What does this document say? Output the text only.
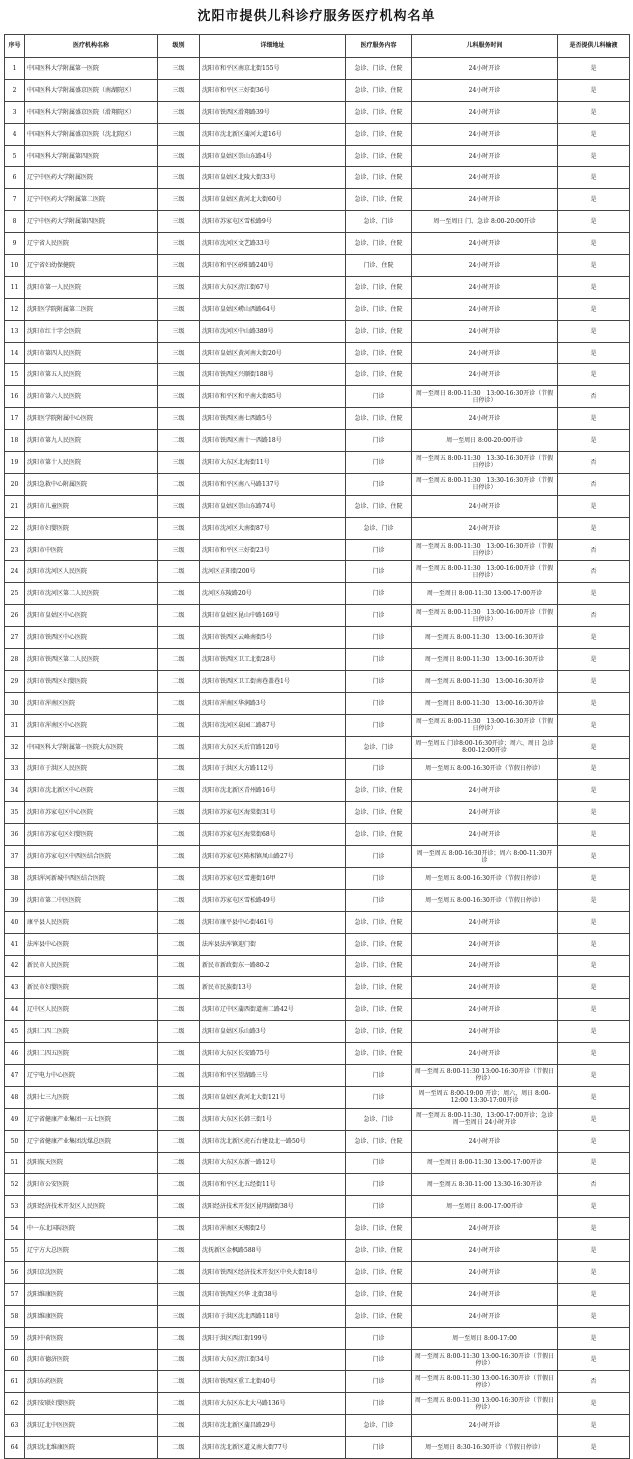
沈阳市提供儿科诊疗服务医疗机构名单
序号	医疗机构名称	级别	详细地址	医疗服务内容	儿科服务时间	是否提供儿科输液
1	中国医科大学附属第一医院	三级	沈阳市和平区南京北街155号	急诊、门诊、住院	24小时开诊	是
2	中国医科大学附属盛京医院（南湖院区）	三级	沈阳市和平区三好街36号	急诊、门诊、住院	24小时开诊	是
3	中国医科大学附属盛京医院（滑翔院区）	三级	沈阳市铁西区滑翔路39号	急诊、门诊、住院	24小时开诊	是
4	中国医科大学附属盛京医院（沈北院区）	三级	沈阳市沈北新区蒲河大道16号	急诊、门诊、住院	24小时开诊	是
5	中国医科大学附属第四医院	三级	沈阳市皇姑区崇山东路4号	急诊、门诊、住院	24小时开诊	是
6	辽宁中医药大学附属医院	三级	沈阳市皇姑区北陵大街33号	急诊、门诊、住院	24小时开诊	是
7	辽宁中医药大学附属第二医院	三级	沈阳市皇姑区黄河北大街60号	急诊、门诊、住院	24小时开诊	是
8	辽宁中医药大学附属第四医院	三级	沈阳市苏家屯区雪松路9号	急诊、门诊	周一至周日 门、急诊 8:00-20:00开诊	是
9	辽宁省人民医院	三级	沈阳市沈河区文艺路33号	急诊、门诊、住院	24小时开诊	是
10	辽宁省妇幼保健院	三级	沈阳市和平区砂阳路240号	门诊、住院	24小时开诊	是
11	沈阳市第一人民医院	三级	沈阳市大东区滂江街67号	急诊、门诊、住院	24小时开诊	是
12	沈阳医学院附属第二医院	三级	沈阳市皇姑区崂山西路64号	急诊、门诊、住院	24小时开诊	是
13	沈阳市红十字会医院	三级	沈阳市沈河区中山路389号	急诊、门诊、住院	24小时开诊	是
14	沈阳市第四人民医院	三级	沈阳市皇姑区黄河南大街20号	急诊、门诊、住院	24小时开诊	是
15	沈阳市第五人民医院	三级	沈阳市铁西区兴顺街188号	急诊、门诊、住院	24小时开诊	是
16	沈阳市第六人民医院	三级	沈阳市和平区和平南大街85号	门诊	周一至周日 8:00-11:30　13:00-16:30开诊（节假日停诊）	否
17	沈阳医学院附属中心医院	三级	沈阳市铁西区南七西路5号	急诊、门诊、住院	24小时开诊	是
18	沈阳市第九人民医院	二级	沈阳市铁西区南十一西路18号	门诊	周一至周日 8:00-20:00开诊	是
19	沈阳市第十人民医院	三级	沈阳市大东区北海街11号	门诊	周一至周五 8:00-11:30　13:30-16:30开诊（节假日停诊）	否
20	沈阳急救中心附属医院	二级	沈阳市和平区南八马路137号	门诊	周一至周五 8:00-11:30　13:30-16:30开诊（节假日停诊）	否
21	沈阳市儿童医院	三级	沈阳市皇姑区崇山东路74号	急诊、门诊、住院	24小时开诊	是
22	沈阳市妇婴医院	三级	沈阳市沈河区大南街87号	急诊、门诊	24小时开诊	是
23	沈阳市中医院	三级	沈阳市和平区三好街23号	门诊	周一至周五 8:00-11:30　13:00-16:30开诊（节假日停诊）	否
24	沈阳市沈河区人民医院	二级	沈河区正阳街200号	门诊	周一至周五 8:00-11:30　13:00-16:00开诊（节假日停诊）	否
25	沈阳市沈河区第二人民医院	二级	沈河区东陵路20号	门诊	周一至周日 8:00-11:30 13:00-17:00开诊	是
26	沈阳市皇姑区中心医院	二级	沈阳市皇姑区昆山中路169号	门诊	周一至周五 8:00-11:30　13:00-16:00开诊（节假日停诊）	否
27	沈阳市铁西区中心医院	二级	沈阳市铁西区云峰南街5号	门诊	周一至周五 8:00-11:30　13:00-16:30开诊	是
28	沈阳市铁西区第二人民医院	二级	沈阳市铁西区卫工北街28号	门诊	周一至周日 8:00-11:30　13:00-16:30开诊	是
29	沈阳市铁西区妇婴医院	二级	沈阳市铁西区卫工街南巷盖巷1号	门诊	周一至周五 8:00-11:30　13:00-16:30开诊	是
30	沈阳市浑南区医院	二级	沈阳市浑南区华润路3号	门诊	周一至周日 8:00-11:30　13:00-16:30开诊	是
31	沈阳市浑南区中心医院	二级	沈阳市沈河区泉园二路87号	门诊	周一至周五 8:00-11:30　13:00-16:30开诊（节假日停诊）	是
32	中国医科大学附属第一医院大东医院	二级	沈阳市大东区天后宫路120号	急诊、门诊	周一至周五 门诊8:00-16:30开诊；周六、周日 急诊8:00-12:00开诊	是
33	沈阳市于洪区人民医院	二级	沈阳市于洪区大方路112号	门诊	周一至周五 8:00-16:30开诊（节假日停诊）	是
34	沈阳市沈北新区中心医院	三级	沈阳市沈北新区青州路16号	急诊、门诊、住院	24小时开诊	是
35	沈阳市苏家屯区中心医院	三级	沈阳市苏家屯区海棠街31号	急诊、门诊、住院	24小时开诊	是
36	沈阳市苏家屯区妇婴医院	二级	沈阳市苏家屯区海棠街68号	急诊、门诊、住院	24小时开诊	是
37	沈阳市苏家屯区中西医结合医院	二级	沈阳市苏家屯区陈相镇凤山路27号	门诊	周一至周五 8:00-16:30开诊；周六 8:00-11:30开诊	是
38	沈阳浑河新城中西医结合医院	二级	沈阳市苏家屯区雪莲街16甲	门诊	周一至周五 8:00-16:30开诊（节假日停诊）	是
39	沈阳市第二中医医院	二级	沈阳市苏家屯区雪松路49号	门诊	周一至周五 8:00-16:30开诊（节假日停诊）	是
40	康平县人民医院	二级	沈阳市康平县中心街461号	急诊、门诊、住院	24小时开诊	是
41	法库县中心医院	二级	法库县法库镇迎门街	急诊、门诊、住院	24小时开诊	是
42	新民市人民医院	二级	新民市新政街东一路80-2	急诊、门诊、住院	24小时开诊	是
43	新民市妇婴医院	二级	新民市民族街13号	急诊、门诊、住院	24小时开诊	是
44	辽中区人民医院	二级	沈阳市辽中区蒲西街道南二路42号	急诊、门诊、住院	24小时开诊	是
45	沈阳二四二医院	二级	沈阳市皇姑区乐山路3号	急诊、门诊、住院	24小时开诊	是
46	沈阳二四五医院	二级	沈阳市大东区长安路75号	急诊、门诊、住院	24小时开诊	是
47	辽宁电力中心医院	二级	沈阳市和平区望湖路三号	门诊	周一至周五 8:00-11:30 13:00-16:30开诊（节假日停诊）	是
48	沈阳七三九医院	二级	沈阳市皇姑区黄河北大街121号	门诊	周一至周五 8:00-19:00 开诊；周六、周日 8:00-12:00 13:30-17:00开诊	是
49	辽宁省健康产业集团一五七医院	二级	沈阳市大东区长韩三街1号	急诊、门诊	周一至周五 8:00-11:30，13:00-17:00开诊；急诊 周一至周日 24小时开诊	是
50	辽宁省健康产业集团沈煤总医院	二级	沈阳市沈北新区虎石台建设北一路50号	急诊、门诊、住院	24小时开诊	是
51	沈阳航天医院	二级	沈阳市大东区东新一路12号	门诊	周一至周日 8:00-11:30 13:00-17:00开诊	是
52	沈阳市公安医院	二级	沈阳市和平区北五经街11号	门诊	周一至周五 8:30-11:00 13:30-16:30开诊	否
53	沈阳经济技术开发区人民医院	二级	沈阳经济技术开发区昆明湖街38号	门诊	周一至周日 8:00-17:00开诊	是
54	中一东北国际医院	二级	沈阳市浑南区天赐街2号	急诊、门诊、住院	24小时开诊	是
55	辽宁方大总医院	二级	沈抚新区金枫路588号	急诊、门诊、住院	24小时开诊	是
56	沈阳京沈医院	二级	沈阳市铁西区经济技术开发区中央大街18号	急诊、门诊、住院	24小时开诊	是
57	沈阳维康医院	三级	沈阳市铁西区兴华 北街38号	急诊、门诊、住院	24小时开诊	是
58	沈阳维康医院	三级	沈阳市于洪区沈北西路118号	急诊、门诊、住院	24小时开诊	是
59	沈阳中荷医院	二级	沈阳于洪区西江街199号	门诊	周一至周日 8:00-17:00	是
60	沈阳市德济医院	二级	沈阳市大东区滂江街34号	门诊	周一至周五 8:00-11:30 13:00-16:30开诊（节假日停诊）	是
61	沈阳东药医院	二级	沈阳市铁西区重工北街40号	门诊	周一至周五 8:00-11:30 13:00-16:30开诊（节假日停诊）	否
62	沈阳安联妇婴医院	二级	沈阳市大东区东北大马路136号	门诊	周一至周五 8:00-11:30 13:00-16:30开诊（节假日停诊）	是
63	沈阳辽北中医医院	二级	沈阳市沈北新区蒲昌路29号	急诊、门诊	24小时开诊	是
64	沈阳沈北维康医院	二级	沈阳市沈北新区道义南大街77号	门诊	周一至周日 8:30-16:30开诊（节假日停诊）	是
